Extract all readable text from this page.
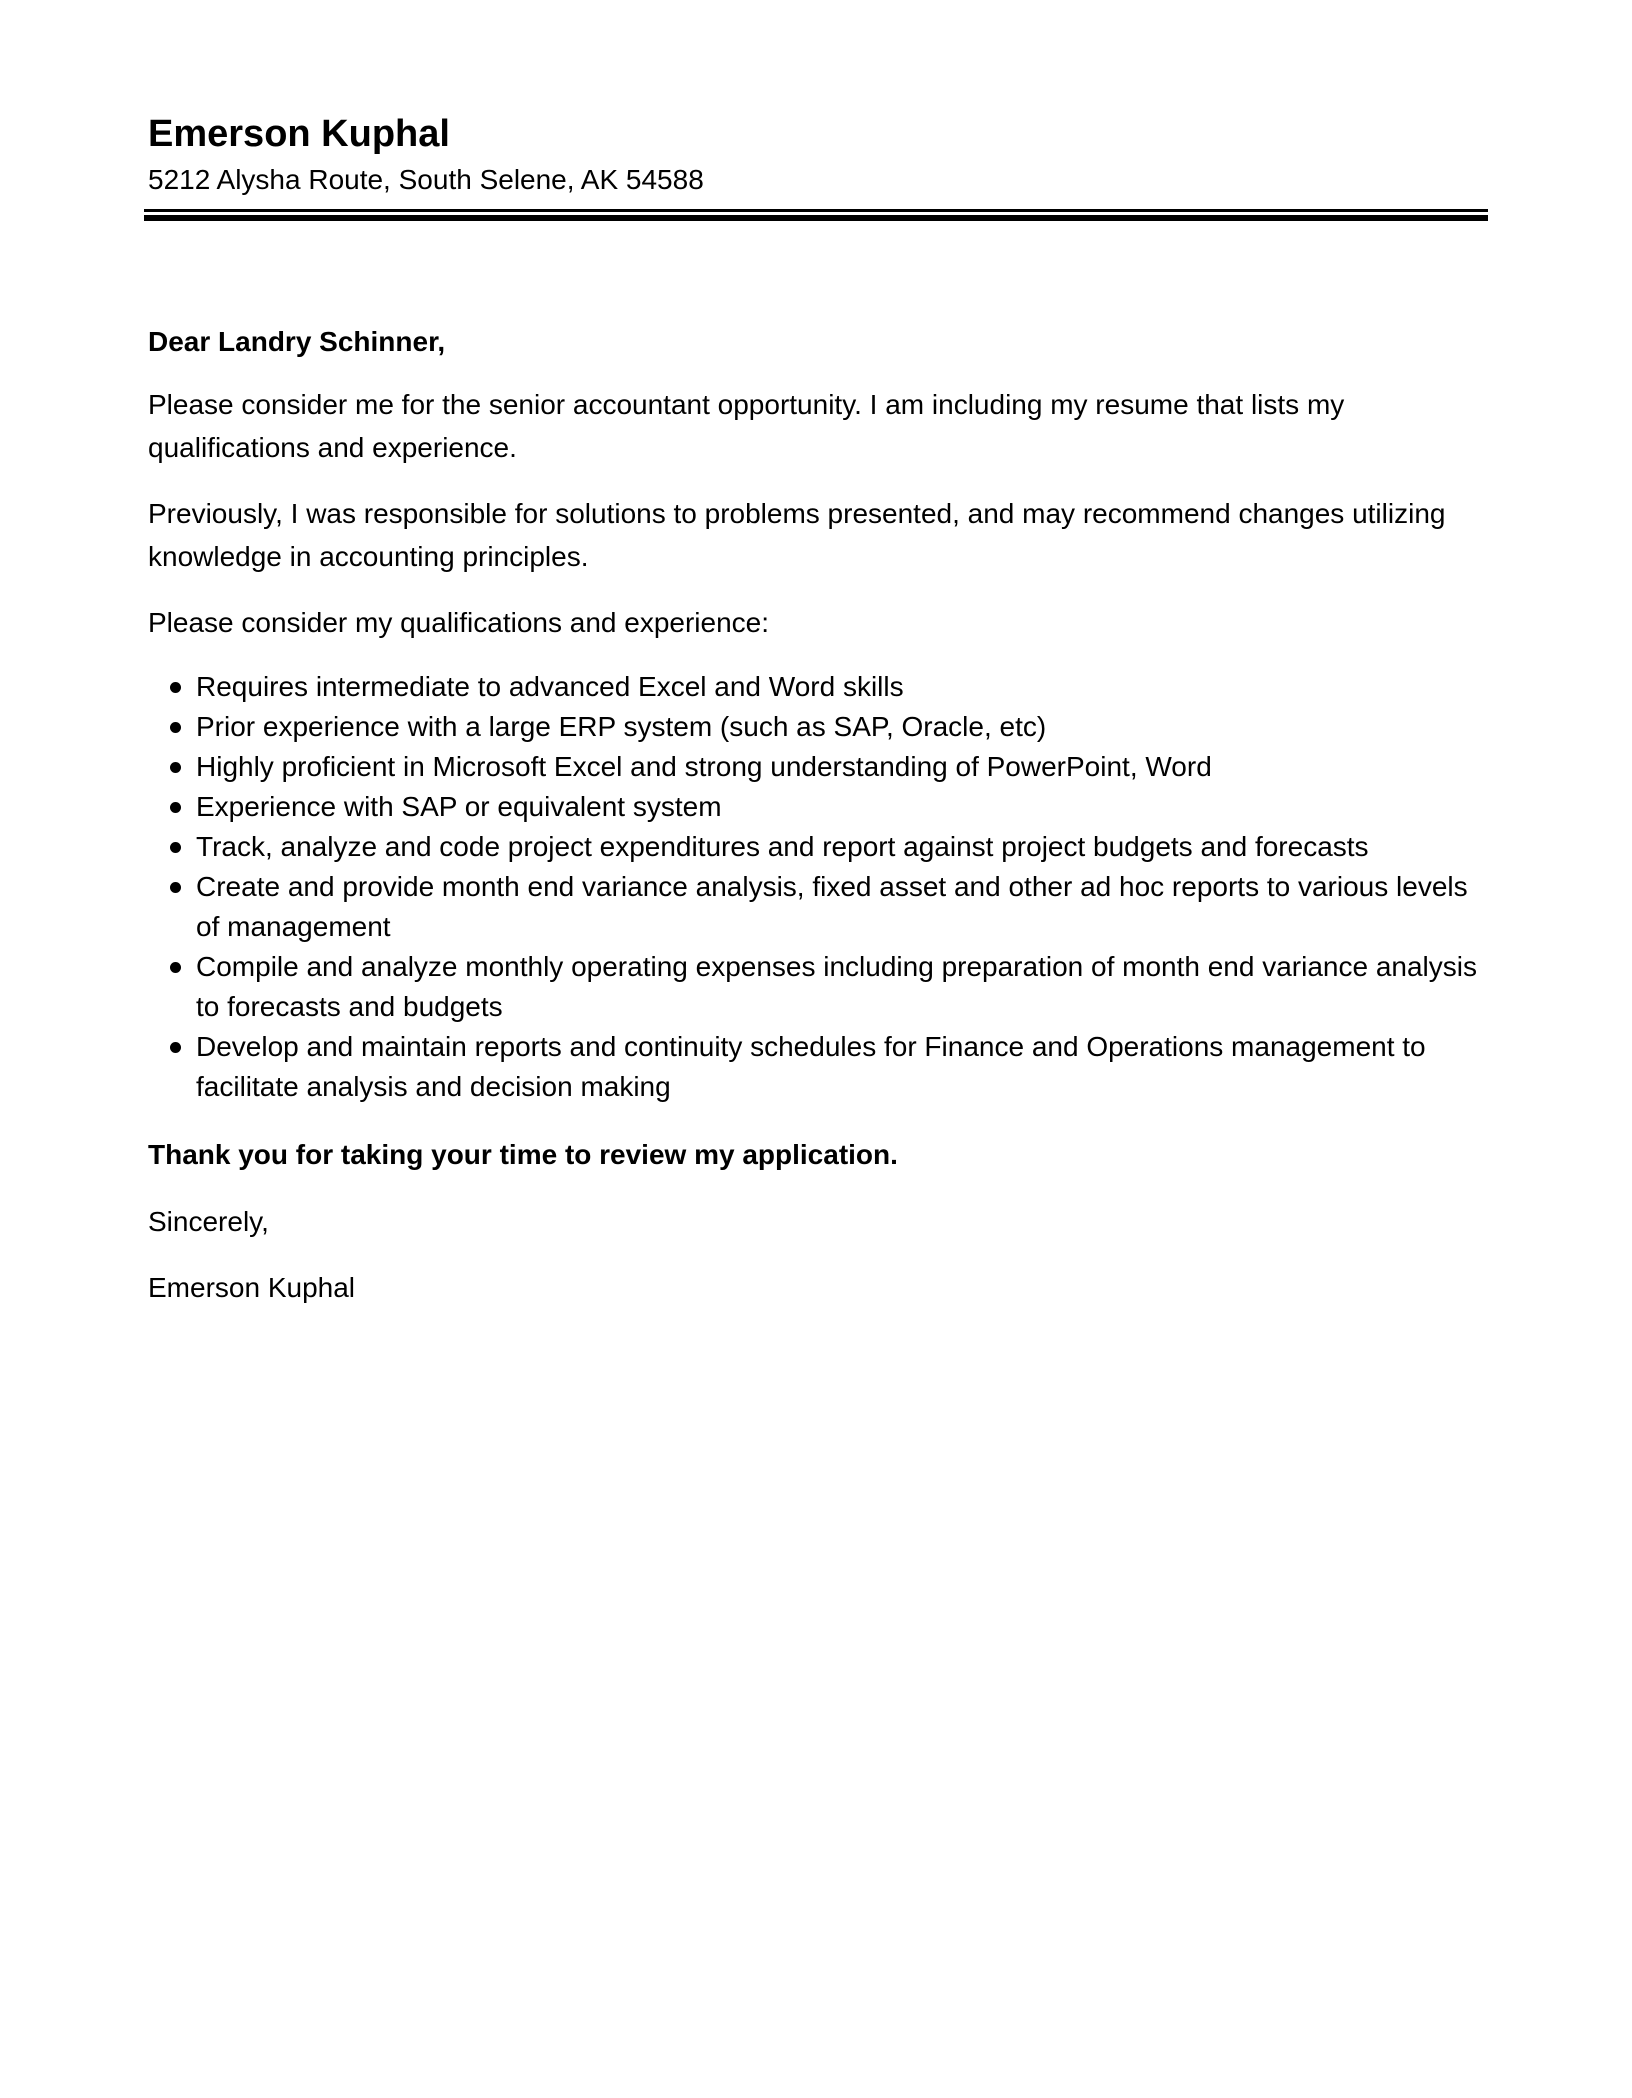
Emerson Kuphal

5212 Alysha Route, South Selene, AK 54588

Dear Landry Schinner,

Please consider me for the senior accountant opportunity. I am including my resume that lists my qualifications and experience.

Previously, I was responsible for solutions to problems presented, and may recommend changes utilizing knowledge in accounting principles.

Please consider my qualifications and experience:

Requires intermediate to advanced Excel and Word skills
Prior experience with a large ERP system (such as SAP, Oracle, etc)
Highly proficient in Microsoft Excel and strong understanding of PowerPoint, Word
Experience with SAP or equivalent system
Track, analyze and code project expenditures and report against project budgets and forecasts
Create and provide month end variance analysis, fixed asset and other ad hoc reports to various levels of management
Compile and analyze monthly operating expenses including preparation of month end variance analysis to forecasts and budgets
Develop and maintain reports and continuity schedules for Finance and Operations management to facilitate analysis and decision making

Thank you for taking your time to review my application.

Sincerely,

Emerson Kuphal
